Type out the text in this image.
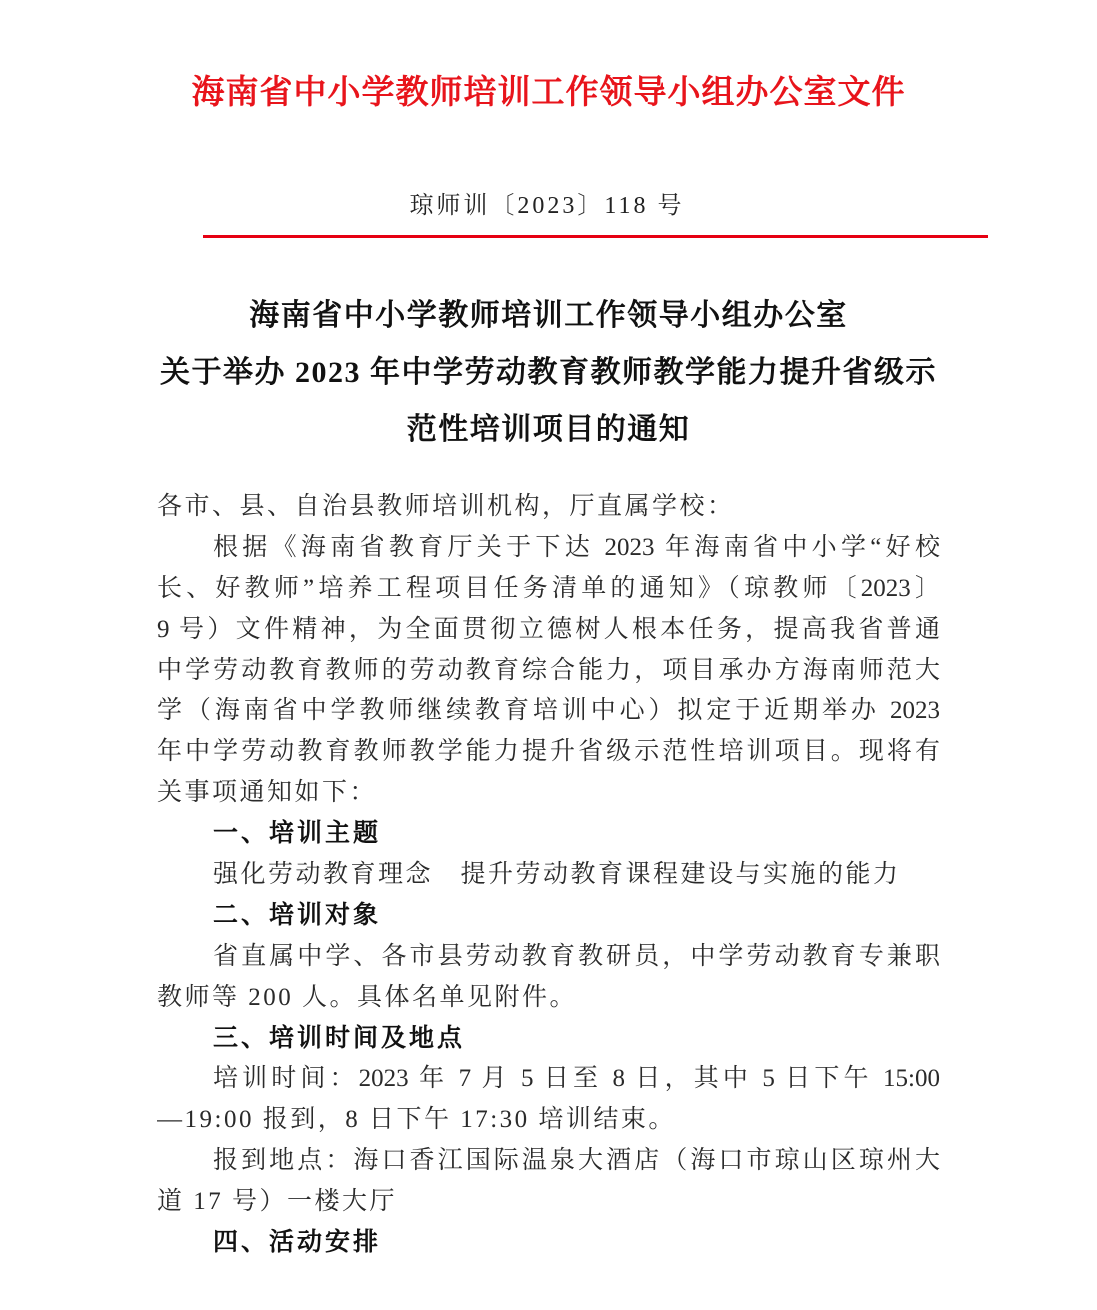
海南省中小学教师培训工作领导小组办公室文件
琼师训〔2023〕118 号
海南省中小学教师培训工作领导小组办公室
关于举办 2023 年中学劳动教育教师教学能力提升省级示
范性培训项目的通知
各市、县、自治县教师培训机构，厅直属学校：
根据《海南省教育厅关于下达 2023 年海南省中小学“好校
长、好教师”培养工程项目任务清单的通知》（琼教师〔2023〕
9 号）文件精神，为全面贯彻立德树人根本任务，提高我省普通
中学劳动教育教师的劳动教育综合能力，项目承办方海南师范大
学（海南省中学教师继续教育培训中心）拟定于近期举办 2023
年中学劳动教育教师教学能力提升省级示范性培训项目。现将有
关事项通知如下：
一、培训主题
强化劳动教育理念　提升劳动教育课程建设与实施的能力
二、培训对象
省直属中学、各市县劳动教育教研员，中学劳动教育专兼职
教师等 200 人。具体名单见附件。
三、培训时间及地点
培训时间：2023 年 7 月 5 日至 8 日，其中 5 日下午 15:00
—19:00 报到，8 日下午 17:30 培训结束。
报到地点：海口香江国际温泉大酒店（海口市琼山区琼州大
道 17 号）一楼大厅
四、活动安排
